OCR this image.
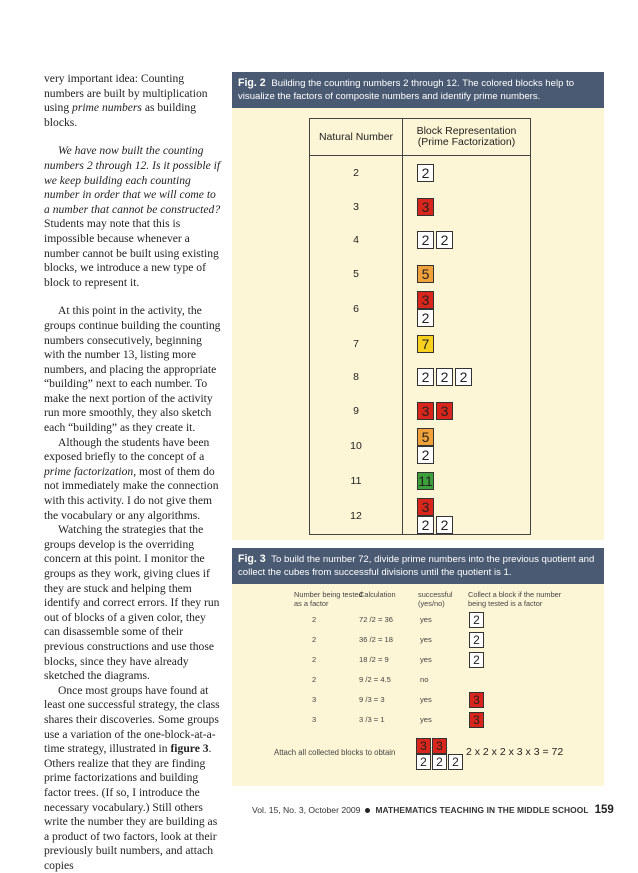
very important idea: Counting numbers are built by multiplication using prime numbers as building blocks.

We have now built the counting numbers 2 through 12. Is it possible if we keep building each counting number in order that we will come to a number that cannot be constructed? Students may note that this is impossible because whenever a number cannot be built using existing blocks, we introduce a new type of block to represent it.

At this point in the activity, the groups continue building the counting numbers consecutively, beginning with the number 13, listing more numbers, and placing the appropriate “building” next to each number. To make the next portion of the activity run more smoothly, they also sketch each “building” as they create it.

Although the students have been exposed briefly to the concept of a prime factorization, most of them do not immediately make the connection with this activity. I do not give them the vocabulary or any algorithms.

Watching the strategies that the groups develop is the overriding concern at this point. I monitor the groups as they work, giving clues if they are stuck and helping them identify and correct errors. If they run out of blocks of a given color, they can disassemble some of their previous constructions and use those blocks, since they have already sketched the diagrams.

Once most groups have found at least one successful strategy, the class shares their discoveries. Some groups use a variation of the one-block-at-a-time strategy, illustrated in figure 3. Others realize that they are finding prime factorizations and building factor trees. (If so, I introduce the necessary vocabulary.) Still others write the number they are building as a product of two factors, look at their previously built numbers, and attach copies

Fig. 2 Building the counting numbers 2 through 12. The colored blocks help to visualize the factors of composite numbers and identify prime numbers.
Natural Number	Block Representation (Prime Factorization)
2	2

3	3

4	2 2

5	5

6	3
2

7	7

8	2 2 2

9	3 3

10	5
2

11	11

12	3
2 2
Fig. 3 To build the number 72, divide prime numbers into the previous quotient and collect the cubes from successful divisions until the quotient is 1.
Number being tested as a factor
Calculation	successful (yes/no)
Collect a block if the number being tested is a factor
Attach all collected blocks to obtain	3 3
2 2 2
2 x 2 x 2 x 3 x 3 = 72
2	72 /2 = 36	yes	2
2	36 /2 = 18	yes	2
2	18 /2 = 9	yes	2
2	9 /2 = 4.5	no
3	9 /3 = 3	yes	3
3	3 /3 = 1	yes	3
Vol. 15, No. 3, October 2009 MATHEMATICS TEACHING IN THE MIDDLE SCHOOL 159
